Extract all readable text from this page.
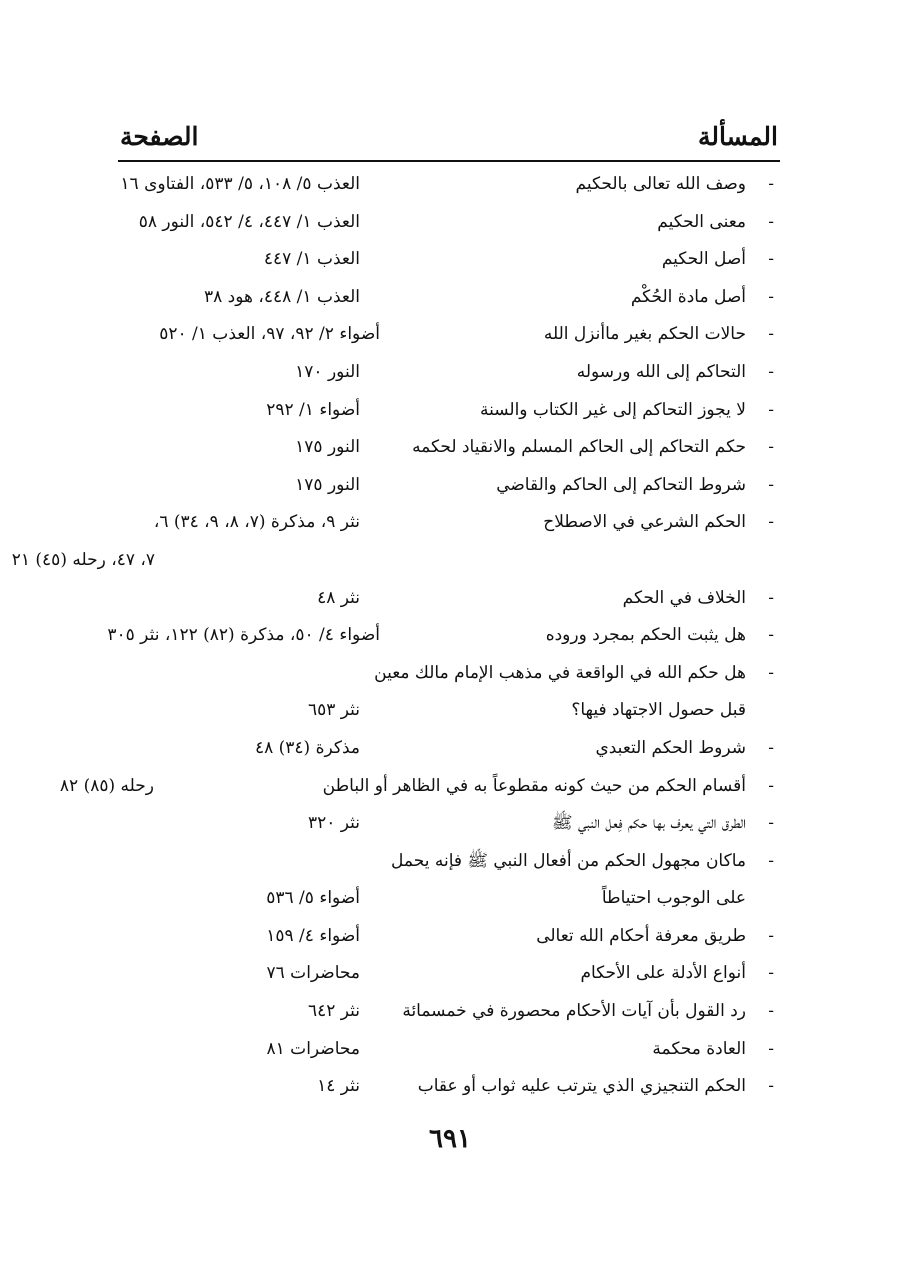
المسألة
الصفحة
-
وصف الله تعالى بالحكيم
العذب ٥/ ١٠٨، ٥/ ٥٣٣، الفتاوى ١٦
-
معنى الحكيم
العذب ١/ ٤٤٧، ٤/ ٥٤٢، النور ٥٨
-
أصل الحكيم
العذب ١/ ٤٤٧
-
أصل مادة الحُكْم
العذب ١/ ٤٤٨، هود ٣٨
-
حالات الحكم بغير ماأنزل الله
أضواء ٢/ ٩٢، ٩٧، العذب ١/ ٥٢٠
-
التحاكم إلى الله ورسوله
النور ١٧٠
-
لا يجوز التحاكم إلى غير الكتاب والسنة
أضواء ١/ ٢٩٢
-
حكم التحاكم إلى الحاكم المسلم والانقياد لحكمه
النور ١٧٥
-
شروط التحاكم إلى الحاكم والقاضي
النور ١٧٥
-
الحكم الشرعي في الاصطلاح
نثر ٩، مذكرة (٧، ٨، ٩، ٣٤) ٦،
٧، ٤٧، رحله (٤٥) ٢١
-
الخلاف في الحكم
نثر ٤٨
-
هل يثبت الحكم بمجرد وروده
أضواء ٤/ ٥٠، مذكرة (٨٢) ١٢٢، نثر ٣٠٥
-
هل حكم الله في الواقعة في مذهب الإمام مالك معين
قبل حصول الاجتهاد فيها؟
نثر ٦٥٣
-
شروط الحكم التعبدي
مذكرة (٣٤) ٤٨
-
أقسام الحكم من حيث كونه مقطوعاً به في الظاهر أو الباطن
رحله (٨٥) ٨٢
-
الطرق التي يعرف بها حكم فِعل النبي ﷺ
نثر ٣٢٠
-
ماكان مجهول الحكم من أفعال النبي ﷺ فإنه يحمل
على الوجوب احتياطاً
أضواء ٥/ ٥٣٦
-
طريق معرفة أحكام الله تعالى
أضواء ٤/ ١٥٩
-
أنواع الأدلة على الأحكام
محاضرات ٧٦
-
رد القول بأن آيات الأحكام محصورة في خمسمائة
نثر ٦٤٢
-
العادة محكمة
محاضرات ٨١
-
الحكم التنجيزي الذي يترتب عليه ثواب أو عقاب
نثر ١٤
٦٩١
